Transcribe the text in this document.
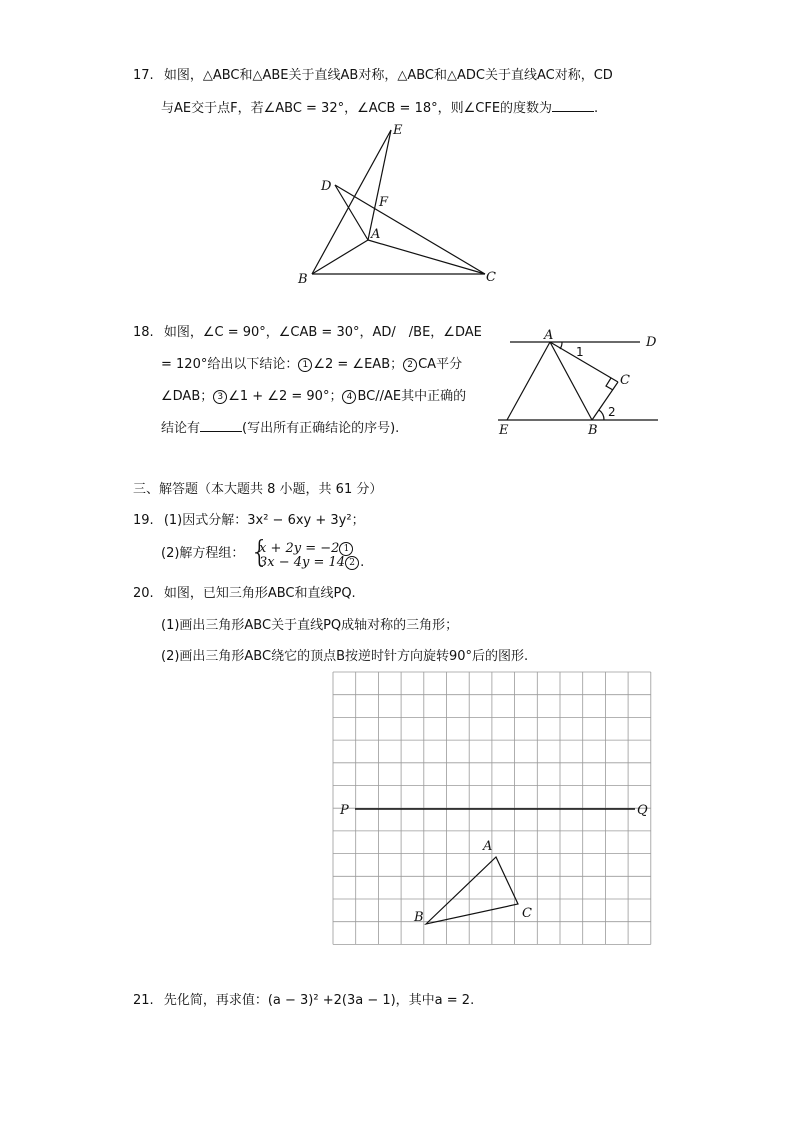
17. 如图，△ABC和△ABE关于直线AB对称，△ABC和△ADC关于直线AC对称，CD
与AE交于点F，若∠ABC = 32°，∠ACB = 18°，则∠CFE的度数为	.
E
D
F
A
B	C
18. 如图，∠C = 90°，∠CAB = 30°，AD/　/BE，∠DAE
= 120°给出以下结论： 1 ∠2 = ∠EAB； 2 CA平分
∠DAB； 3 ∠1 + ∠2 = 90°； 4 BC//AE其中正确的
结论有	(写出所有正确结论的序号).
A	D
C
E	B
1
2
三、解答题（本大题共 8 小题，共 61 分）
19. (1)因式分解：3x² − 6xy + 3y²；
(2)解方程组： {
x + 2y = −2 1
3x − 4y = 14 2 .
20. 如图，已知三角形ABC和直线PQ.
(1)画出三角形ABC关于直线PQ成轴对称的三角形；
(2)画出三角形ABC绕它的顶点B按逆时针方向旋转90°后的图形.
P	Q
A
B	C
21. 先化简，再求值：(a − 3)² +2(3a − 1)，其中a = 2.
